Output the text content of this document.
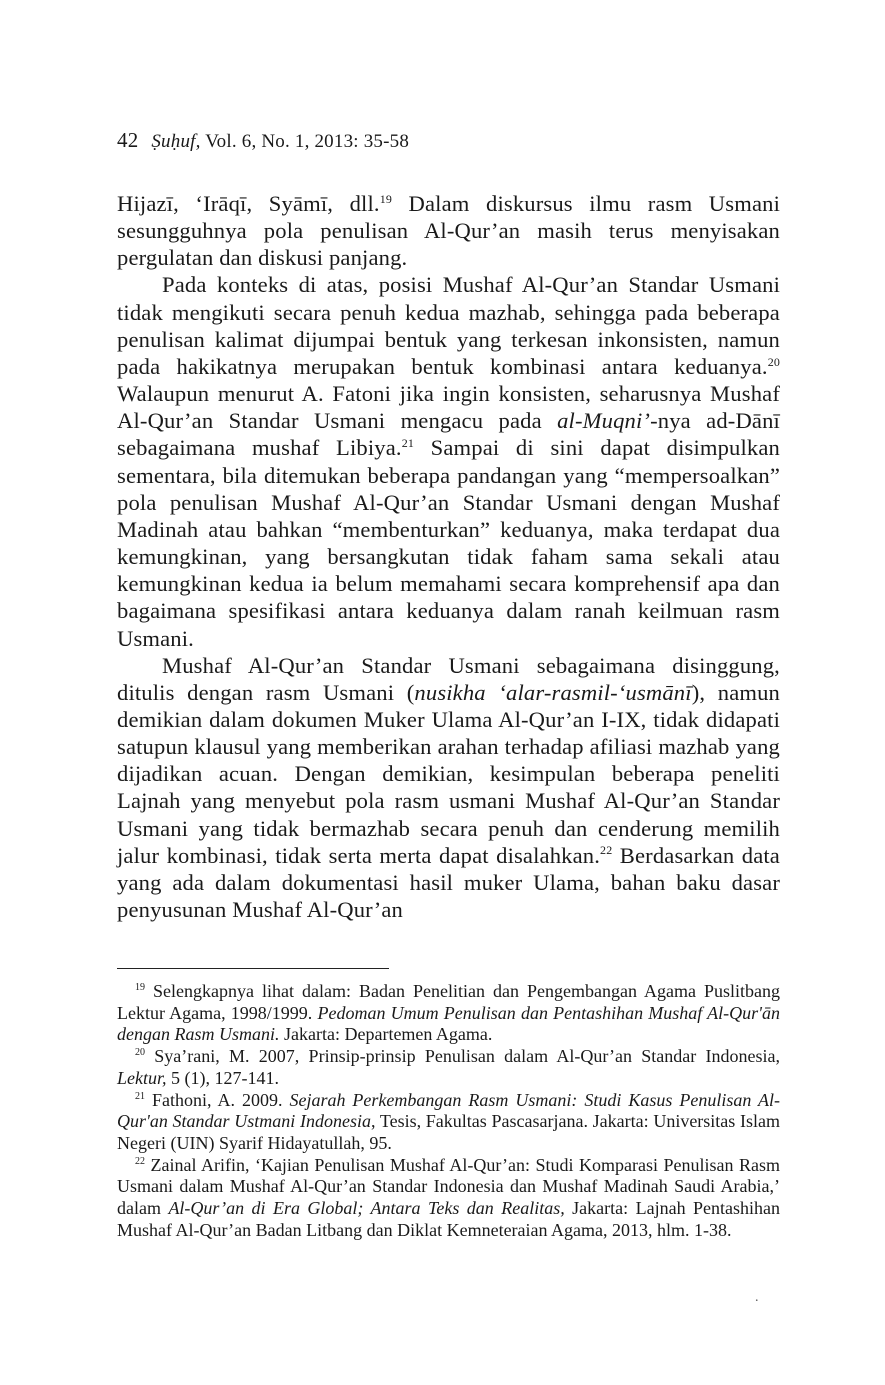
42 Ṣuḥuf, Vol. 6, No. 1, 2013: 35-58

Hijazī, ‘Irāqī, Syāmī, dll.$^{19}$ Dalam diskursus ilmu rasm Usmani sesungguhnya pola penulisan Al-Qur’an masih terus menyisakan pergulatan dan diskusi panjang.

Pada konteks di atas, posisi Mushaf Al-Qur’an Standar Usmani tidak mengikuti secara penuh kedua mazhab, sehingga pada beberapa penulisan kalimat dijumpai bentuk yang terkesan inkonsisten, namun pada hakikatnya merupakan bentuk kombinasi antara keduanya.$^{20}$ Walaupun menurut A. Fatoni jika ingin konsisten, seharusnya Mushaf Al-Qur’an Standar Usmani mengacu pada al-Muqni’-nya ad-Dānī sebagaimana mushaf Libiya.$^{21}$ Sampai di sini dapat disimpulkan sementara, bila ditemukan beberapa pandangan yang “mempersoalkan” pola penulisan Mushaf Al-Qur’an Standar Usmani dengan Mushaf Madinah atau bahkan “membenturkan” keduanya, maka terdapat dua kemungkinan, yang bersangkutan tidak faham sama sekali atau kemungkinan kedua ia belum memahami secara komprehensif apa dan bagaimana spesifikasi antara keduanya dalam ranah keilmuan rasm Usmani.

Mushaf Al-Qur’an Standar Usmani sebagaimana disinggung, ditulis dengan rasm Usmani (nusikha ‘alar-rasmil-‘usmānī), namun demikian dalam dokumen Muker Ulama Al-Qur’an I-IX, tidak didapati satupun klausul yang memberikan arahan terhadap afiliasi mazhab yang dijadikan acuan. Dengan demikian, kesimpulan beberapa peneliti Lajnah yang menyebut pola rasm usmani Mushaf Al-Qur’an Standar Usmani yang tidak bermazhab secara penuh dan cenderung memilih jalur kombinasi, tidak serta merta dapat disalahkan.$^{22}$ Berdasarkan data yang ada dalam dokumentasi hasil muker Ulama, bahan baku dasar penyusunan Mushaf Al-Qur’an

$^{19}$ Selengkapnya lihat dalam: Badan Penelitian dan Pengembangan Agama Puslitbang Lektur Agama, 1998/1999. Pedoman Umum Penulisan dan Pentashihan Mushaf Al-Qur'ān dengan Rasm Usmani. Jakarta: Departemen Agama.

$^{20}$ Sya’rani, M. 2007, Prinsip-prinsip Penulisan dalam Al-Qur’an Standar Indonesia, Lektur, 5 (1), 127-141.

$^{21}$ Fathoni, A. 2009. Sejarah Perkembangan Rasm Usmani: Studi Kasus Penulisan Al-Qur'an Standar Ustmani Indonesia, Tesis, Fakultas Pascasarjana. Jakarta: Universitas Islam Negeri (UIN) Syarif Hidayatullah, 95.

$^{22}$ Zainal Arifin, ‘Kajian Penulisan Mushaf Al-Qur’an: Studi Komparasi Penulisan Rasm Usmani dalam Mushaf Al-Qur’an Standar Indonesia dan Mushaf Madinah Saudi Arabia,’ dalam Al-Qur’an di Era Global; Antara Teks dan Realitas, Jakarta: Lajnah Pentashihan Mushaf Al-Qur’an Badan Litbang dan Diklat Kemneteraian Agama, 2013, hlm. 1-38.

.
